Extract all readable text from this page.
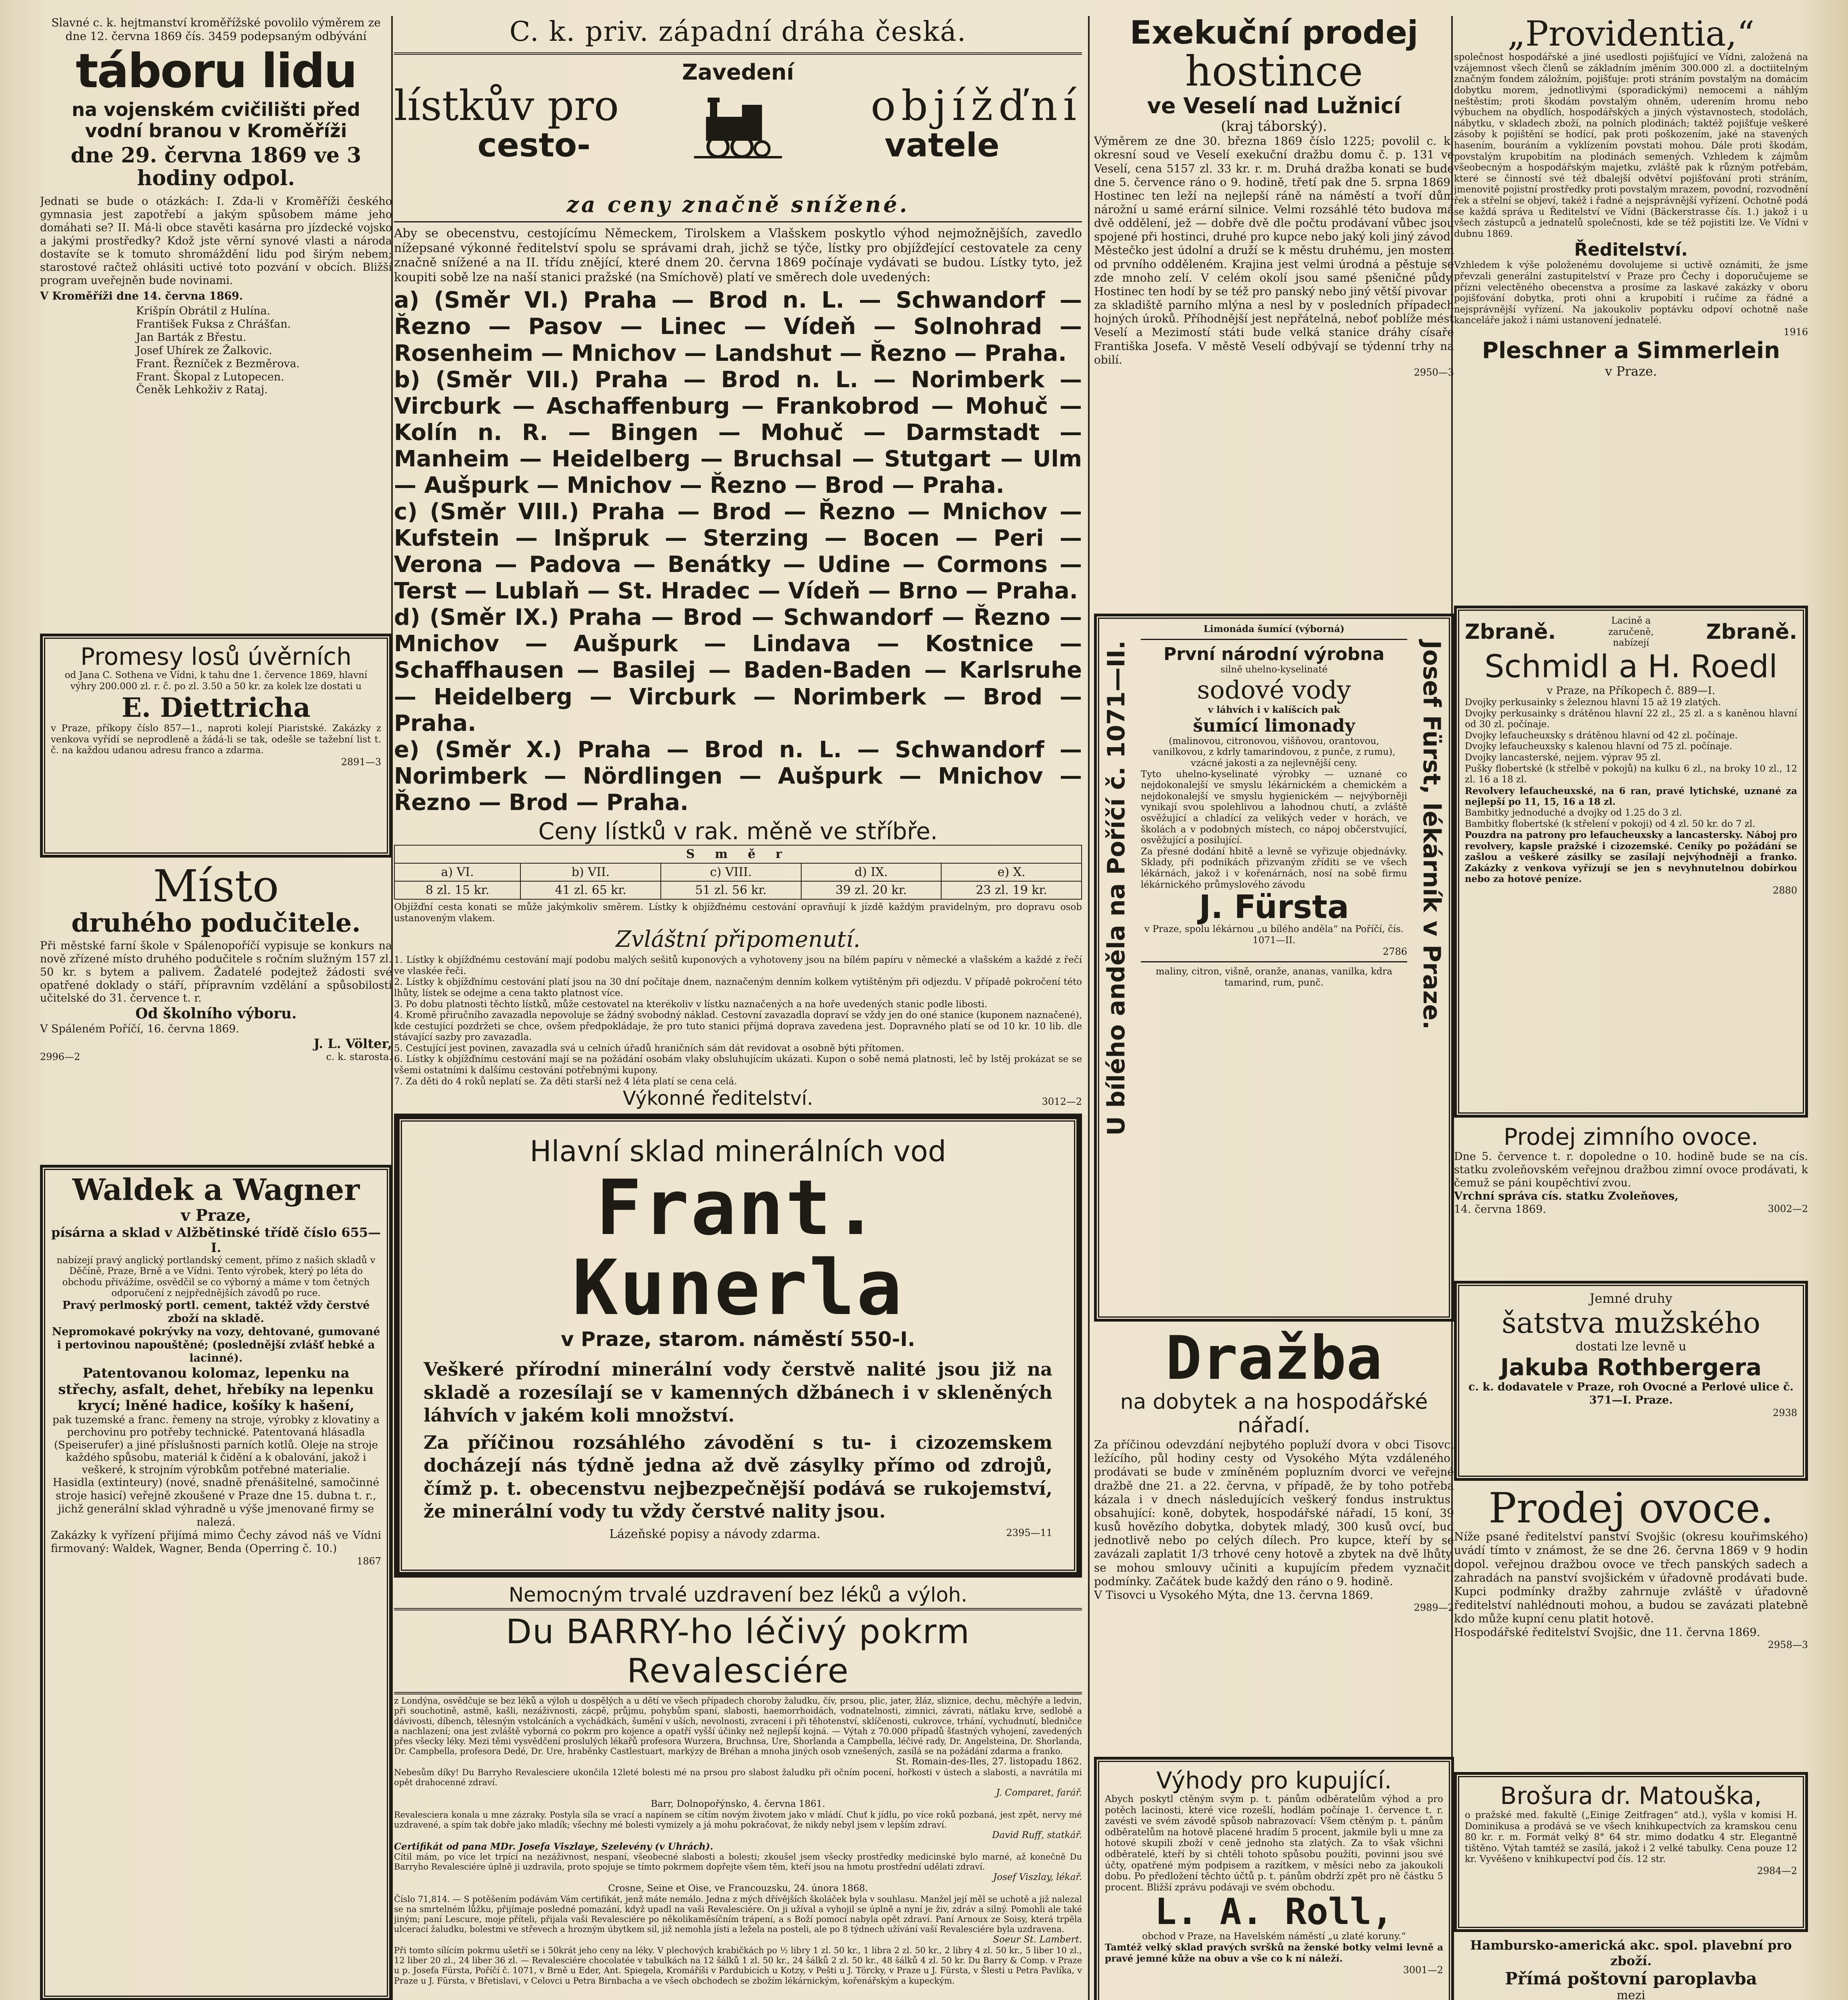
Slavné c. k. hejtmanství kroměřížské povolilo výměrem ze dne 12. června 1869 čís. 3459 podepsaným odbývání

táboru lidu

na vojenském cvičilišti před vodní branou v Kroměříži

dne 29. června 1869 ve 3 hodiny odpol.

Jednati se bude o otázkách: I. Zda-li v Kroměříži českého gymnasia jest zapotřebí a jakým spůsobem máme jeho domáhati se? II. Má-li obce stavěti kasárna pro jízdecké vojsko a jakými prostředky? Kdož jste věrní synové vlasti a národa dostavíte se k tomuto shromáždění lidu pod širým nebem; starostové račtež ohlásiti uctivé toto pozvání v obcích. Bližší program uveřejněn bude novinami.

V Kroměříži dne 14. června 1869.

Krišpín Obrátil z Hulína.

František Fuksa z Chrášťan.

Jan Barták z Břestu.

Josef Uhírek ze Žalkovic.

Frant. Řezníček z Bezměrova.

Frant. Škopal z Lutopecen.

Čeněk Lehkoživ z Rataj.

Promesy losů úvěrních

od Jana C. Sothena ve Vídni, k tahu dne 1. července 1869, hlavní výhry 200.000 zl. r. č. po zl. 3.50 a 50 kr. za kolek lze dostati u

E. Diettricha

v Praze, příkopy číslo 857—1., naproti kolejí Piaristské. Zakázky z venkova vyřídí se neprodleně a žádá-li se tak, odešle se tažební list t. č. na každou udanou adresu franco a zdarma.

2891—3

Místo

druhého podučitele.

Při městské farní škole v Spálenopoříčí vypisuje se konkurs na nově zřízené místo druhého podučitele s ročním služným 157 zl. 50 kr. s bytem a palivem. Žadatelé podejtež žádosti své opatřené doklady o stáří, přípravním vzdělání a spůsobilosti učitelské do 31. července t. r.

Od školního výboru.

V Spáleném Poříčí, 16. června 1869.

J. L. Völter,

2996—2	c. k. starosta.

Waldek a Wagner

v Praze,

písárna a sklad v Alžbětinské třídě číslo 655—I.

nabízejí pravý anglický portlandský cement, přímo z našich skladů v Děčíně, Praze, Brně a ve Vídni. Tento výrobek, který po léta do obchodu přivážíme, osvědčil se co výborný a máme v tom četných odporučení z nejpřednějších závodů po ruce.

Pravý perlmoský portl. cement, taktéž vždy čerstvé zboží na skladě.

Nepromokavé pokrývky na vozy, dehtované, gumované i pertovinou napouštěné; (poslednější zvlášť hebké a lacinné).

Patentovanou kolomaz, lepenku na střechy, asfalt, dehet, hřebíky na lepenku krycí; lněné hadice, košíky k hašení,

pak tuzemské a franc. řemeny na stroje, výrobky z klovatiny a perchovinu pro potřeby technické. Patentovaná hlásadla (Speiserufer) a jiné příslušnosti parních kotlů. Oleje na stroje každého spůsobu, materiál k čidění a k obalování, jakož i veškeré, k strojním výrobkům potřebné materialie.

Hasidla (extinteury) (nové, snadně přenášitelné, samočinné stroje hasicí) veřejně zkoušené v Praze dne 15. dubna t. r., jichž generální sklad výhradně u výše jmenované firmy se nalezá.

Zakázky k vyřízení přijímá mimo Čechy závod náš ve Vídni firmovaný: Waldek, Wagner, Benda (Operring č. 10.)

1867

C. k. priv. západní dráha česká.

Zavedení

lístkův pro

cesto-

objížďní

vatele

za ceny značně snížené.

Aby se obecenstvu, cestojícímu Německem, Tirolskem a Vlašskem poskytlo výhod nejmožnějších, zavedlo nížepsané výkonné ředitelství spolu se správami drah, jichž se týče, lístky pro objížďející cestovatele za ceny značně snížené a na II. třídu znějící, které dnem 20. června 1869 počínaje vydávati se budou. Lístky tyto, jež koupiti sobě lze na naší stanici pražské (na Smíchově) platí ve směrech dole uvedených:

a) (Směr VI.) Praha — Brod n. L. — Schwandorf — Řezno — Pasov — Linec — Vídeň — Solnohrad — Rosenheim — Mnichov — Landshut — Řezno — Praha.

b) (Směr VII.) Praha — Brod n. L. — Norimberk — Vircburk — Aschaffenburg — Frankobrod — Mohuč — Kolín n. R. — Bingen — Mohuč — Darmstadt — Manheim — Heidelberg — Bruchsal — Stutgart — Ulm — Aušpurk — Mnichov — Řezno — Brod — Praha.

c) (Směr VIII.) Praha — Brod — Řezno — Mnichov — Kufstein — Inšpruk — Sterzing — Bocen — Peri — Verona — Padova — Benátky — Udine — Cormons — Terst — Lublaň — St. Hradec — Vídeň — Brno — Praha.

d) (Směr IX.) Praha — Brod — Schwandorf — Řezno — Mnichov — Aušpurk — Lindava — Kostnice — Schaffhausen — Basilej — Baden-Baden — Karlsruhe — Heidelberg — Vircburk — Norimberk — Brod — Praha.

e) (Směr X.) Praha — Brod n. L. — Schwandorf — Norimberk — Nördlingen — Aušpurk — Mnichov — Řezno — Brod — Praha.

Ceny lístků v rak. měně ve stříbře.

S m ě r				
a) VI.	b) VII.	c) VIII.	d) IX.	e) X.
8 zl. 15 kr.	41 zl. 65 kr.	51 zl. 56 kr.	39 zl. 20 kr.	23 zl. 19 kr.

Objížďní cesta konati se může jakýmkoliv směrem. Lístky k objížďnému cestování opravňují k jízdě každým pravidelným, pro dopravu osob ustanoveným vlakem.

Zvláštní připomenutí.

1. Lístky k objížďnému cestování mají podobu malých sešitů kuponových a vyhotoveny jsou na bílém papíru v německé a vlašském a každé z řečí ve vlaskée řeči.

2. Lístky k objížďnímu cestování platí jsou na 30 dní počítaje dnem, naznačeným denním kolkem vytištěným při odjezdu. V případě pokročení této lhůty, lístek se odejme a cena takto platnost více.

3. Po dobu platnosti těchto lístků, může cestovatel na kterékoliv v lístku naznačených a na hoře uvedených stanic podle libosti.

4. Kromě přiručního zavazadla nepovoluje se žádný svobodný náklad. Cestovní zavazadla dopraví se vždy jen do oné stanice (kuponem naznačené), kde cestující pozdržeti se chce, ovšem předpokládaje, že pro tuto stanici příjmá doprava zavedena jest. Dopravného platí se od 10 kr. 10 lib. dle stávající sazby pro zavazadla.

5. Cestující jest povinen, zavazadla svá u celních úřadů hraničních sám dát revidovat a osobně býti přítomen.

6. Lístky k objížďnímu cestování mají se na požádání osobám vlaky obsluhujícím ukázati. Kupon o sobě nemá platnosti, leč by lstěj prokázat se se všemi ostatními k dalšímu cestování potřebnými kupony.

7. Za děti do 4 roků neplatí se. Za děti starší než 4 léta platí se cena celá.

Výkonné ředitelství.	3012—2

Hlavní sklad minerálních vod

Frant. Kunerla

v Praze, starom. náměstí 550-I.

Veškeré přírodní minerální vody čerstvě nalité jsou již na skladě a rozesílají se v kamenných džbánech i v skleněných láhvích v jakém koli množství.

Za příčinou rozsáhlého závodění s tu- i cizozemskem docházejí nás týdně jedna až dvě zásylky přímo od zdrojů, čímž p. t. obecenstvu nejbezpečnější podává se rukojemství, že minerální vody tu vždy čerstvé nality jsou.

Lázeňské popisy a návody zdarma.	2395—11

Nemocným trvalé uzdravení bez léků a výloh.

Du BARRY-ho léčivý pokrm Revalesciére

z Londýna, osvědčuje se bez léků a výloh u dospělých a u dětí ve všech případech choroby žaludku, čív, prsou, plic, jater, žláz, sliznice, dechu, měchýře a ledvin, při souchotině, astmě, kašli, nezáživnosti, zácpě, průjmu, pohybům spaní, slabosti, haemorrhoidách, vodnatelnosti, zimnici, závrati, nátlaku krve, sedlobě a dávivosti, díbench, tělesným vstolcáních a vychádkách, šumění v uších, nevolnosti, zvracení i při těhotenství, sklíčenosti, cukrovce, trhání, vychudnutí, bledničce a nachlazení; ona jest zvláště vyborná co pokrm pro kojence a opatří vyšší účinky než nejlepší kojná. — Výtah z 70.000 případů šťastných vyhojení, zavedených přes všecky léky. Mezi těmi vysvědčení proslulých lékařů profesora Wurzera, Bruchnsa, Ure, Shorlanda a Campbella, léčivé rady, Dr. Angelsteina, Dr. Shorlanda, Dr. Campbella, profesora Dedé, Dr. Ure, hraběnky Castlestuart, markýzy de Bréhan a mnoha jiných osob vznešených, zasílá se na požádání zdarma a franko.

St. Romain-des-Iles, 27. listopadu 1862.

Nebesům díky! Du Barryho Revalesciere ukončila 12leté bolesti mé na prsou pro slabost žaludku při očním pocení, hořkosti v ústech a slabosti, a navrátila mi opět drahocenné zdraví.

J. Comparet, farář.

Barr, Dolnopořýnsko, 4. června 1861.

Revalesciera konala u mne zázraky. Postyla síla se vrací a napínem se cítím novým životem jako v mládí. Chuť k jídlu, po více roků pozbaná, jest zpět, nervy mé uzdravené, a spím tak dobře jako mladík; všechny mé bolesti vymizely a já mohu pokračovat, že nikdy nebyl jsem v lepším zdraví.

David Ruff, statkář.

Certifikát od pana MDr. Josefa Viszlaye, Szelevény (v Uhrách).

Cítil mám, po více let trpící na nezáživnost, nespaní, všeobecné slabosti a bolesti; zkoušel jsem všecky prostředky medicinské bylo marné, až konečně Du Barryho Revalesciére úplně ji uzdravila, proto spojuje se tímto pokrmem dopřejte všem těm, kteří jsou na hmotu prostřední udělati zdraví.

Josef Viszlay, lékař.

Crosne, Seine et Oise, ve Francouzsku, 24. února 1868.

Číslo 71,814. — S potěšením podávám Vám certifikát, jenž máte nemálo. Jedna z mých dřívějších školáček byla v souhlasu. Manžel její měl se uchotě a již nalezal se na smrtelném lůžku, přijímaje posledné pomazání, když upadl na vaši Revalesciére. On ji užíval a vyhojil se úplně a nyní je živ, zdráv a silný. Pomohli ale také jiným; paní Lescure, moje příteli, přijala vaši Revalesciére po několikaměsíčním trápení, a s Boží pomocí nabyla opět zdraví. Paní Arnoux ze Soisy, která trpěla ulcerací žaludku, bolestmi ve střevech a hrozným úbytkem sil, již nemohla jísti a ležela na posteli, ale po 8 týdnech užívání vaší Revalesciére byla uzdravena.

Soeur St. Lambert.

Při tomto sílícím pokrmu ušetří se i 50krát jeho ceny na léky. V plechových krabičkách po ½ libry 1 zl. 50 kr., 1 libra 2 zl. 50 kr., 2 libry 4 zl. 50 kr., 5 liber 10 zl., 12 liber 20 zl., 24 liber 36 zl. — Revalesciére chocolatée v tabulkách na 12 šálků 1 zl. 50 kr., 24 šálků 2 zl. 50 kr., 48 šálků 4 zl. 50 kr. Du Barry & Comp. v Praze u p. Josefa Fürsta, Poříčí č. 1071, v Brně u Eder, Ant. Spiegela, Kromáříši v Pardubicích u Kotzy, v Pešti u J. Törcky, v Praze u J. Fürsta, v Šlesti u Petra Pavlíka, v Praze u J. Fürsta, v Břetislavi, v Celovci u Petra Birnbacha a ve všech obchodech se zbožím lékárnickým, kořenářským a kupeckým.

Exekuční prodej

hostince

ve Veselí nad Lužnicí

(kraj táborský).

Výměrem ze dne 30. března 1869 číslo 1225; povolil c. k. okresní soud ve Veselí exekuční dražbu domu č. p. 131 ve Veselí, cena 5157 zl. 33 kr. r. m. Druhá dražba konati se bude dne 5. července ráno o 9. hodině, třetí pak dne 5. srpna 1869. Hostinec ten leží na nejlepší ráně na náměstí a tvoří dům nárožní u samé erární silnice. Velmi rozsáhlé této budova má dvě oddělení, jež — dobře dvě dle počtu prodávaní vůbec jsou spojené při hostinci, druhé pro kupce nebo jaký koli jiný závod. Městečko jest údolní a druží se k městu druhému, jen mostem od prvního odděleném. Krajina jest velmi úrodná a pěstuje se zde mnoho zelí. V celém okolí jsou samé pšeničné půdy. Hostinec ten hodí by se též pro panský nebo jiný větší pivovar i za skladiště parního mlýna a nesl by v posledních případech hojných úroků. Příhodnější jest nepřátelná, neboť poblíže mést Veselí a Mezimostí státi bude velká stanice dráhy císaře Františka Josefa. V městě Veselí odbývají se týdenní trhy na obilí.

2950—3

U bílého anděla na Poříčí č. 1071—II.	Josef Fürst, lékárník v Praze.

Limonáda šumící (výborná)

První národní výrobna

silně uhelno-kyselinaté

sodové vody

v láhvích i v kalíšcích pak

šumící limonady

(malinovou, citronovou, višňovou, orantovou, vanilkovou, z kdrly tamarindovou, z punče, z rumu), vzácné jakosti a za nejlevnější ceny.

Tyto uhelno-kyselinaté výrobky — uznané co nejdokonalejší ve smyslu lékárnickém a chemickém a nejdokonalejší ve smyslu hygienickém — nejvýborněji vynikají svou spolehlivou a lahodnou chutí, a zvláště osvěžující a chladící za velikých veder v horách, ve školách a v podobných místech, co nápoj občerstvující, osvěžující a posilující.

Za přesné dodání hbitě a levně se vyřizuje objednávky. Sklady, při podnikách přizvaným zříditi se ve všech lékárnách, jakož i v kořenárnách, nosí na sobě firmu lékárnického průmyslového závodu

J. Fürsta

v Praze, spolu lékárnou „u bílého anděla“ na Poříčí, čís. 1071—II.

2786

maliny, citron, višně, oranže, ananas, vanilka, kdra tamarind, rum, punč.

Dražba

na dobytek a na hospodářské nářadí.

Za příčinou odevzdání nejbytého popluží dvora v obci Tisovci ležícího, půl hodiny cesty od Vysokého Mýta vzdáleného, prodávati se bude v zmíněném popluzním dvorci ve veřejné dražbě dne 21. a 22. června, v případě, že by toho potřeba kázala i v dnech následujících veškerý fondus instruktus, obsahující: koně, dobytek, hospodářské nářadí, 15 koní, 39 kusů hovězího dobytka, dobytek mladý, 300 kusů ovcí, buď jednotlivě nebo po celých dílech. Pro kupce, kteří by se zavázali zaplatit 1/3 trhové ceny hotově a zbytek na dvě lhůty, se mohou smlouvy učiniti a kupujícím předem vyznačiti podmínky. Začátek bude každý den ráno o 9. hodině.

V Tisovci u Vysokého Mýta, dne 13. června 1869.

2989—2

Výhody pro kupující.

Abych poskytl ctěným svým p. t. pánům odběratelům výhod a pro potěch lacinosti, které vice rozešlí, hodlám počínaje 1. července t. r. zavésti ve svém závodě spůsob nabrazovací: Všem ctěným p. t. pánům odběratelům na hotově placené hradím 5 procent, jakmile byli u mne za hotové skupili zboží v ceně jednoho sta zlatých. Za to však všichni odběratelé, kteří by si chtěli tohoto spůsobu použíti, povinni jsou své účty, opatřené mým podpisem a razítkem, v měsíci nebo za jakoukoli dobu. Po předložení těchto účtů p. t. pánům obdrží zpět pro ně částku 5 procent. Bližší zprávu podávaji ve svém obchodu.

L. A. Roll,

obchod v Praze, na Havelském náměstí „u zlaté koruny.“

Tamtéž velký sklad pravých svršků na ženské botky velmi levně a pravé jemné kůže na obuv a vše co k ní náleží.

3001—2

„Providentia,“

společnost hospodářské a jiné usedlosti pojišťující ve Vídni, založená na vzájemnost všech členů se základním jměním 300.000 zl. a doctiitelným značným fondem záložním, pojišťuje: proti stráním povstalým na domácím dobytku morem, jednotlivými (sporadickými) nemocemi a náhlým neštěstím; proti škodám povstalým ohněm, uderením hromu nebo výbuchem na obydlích, hospodářských a jiných výstavnostech, stodolách, nábytku, v skladech zboží, na polních plodinách; taktéž pojišťuje veškeré zásoby k pojištění se hodící, pak proti poškozením, jaké na stavených hasením, bouráním a vyklízením povstati mohou. Dále proti škodám, povstalým krupobitím na plodinách semených. Vzhledem k zájmům všeobecným a hospodářským majetku, zvláště pak k různým potřebám, které se činností své též dbalejší odvětví pojišťování proti stráním, jmenovitě pojistní prostředky proti povstalým mrazem, povodní, rozvodnění řek a střelní se objeví, takéž i řadné a nejsprávnější vyřízení. Ochotně podá se každá správa u Ředitelství ve Vídni (Bäckerstrasse čís. 1.) jakož i u všech zástupců a jednatelů společnosti, kde se též pojistiti lze. Ve Vídni v dubnu 1869.

Ředitelství.

Vzhledem k výše položenému dovolujeme si uctivě oznámiti, že jsme převzali generální zastupitelství v Praze pro Čechy i doporučujeme se přízni velectěného obecenstva a prosíme za laskavé zakázky v oboru pojišťování dobytka, proti ohni a krupobití i ručíme za řádné a nejsprávnější vyřízení. Na jakoukoliv poptávku odpoví ochotně naše kanceláře jakož i námi ustanovení jednatelé.

1916

Pleschner a Simmerlein

v Praze.

Zbraně.	Lacině a zaručeně, nabízejí	Zbraně.

Schmidl a H. Roedl

v Praze, na Příkopech č. 889—I.

Dvojky perkusainky s železnou hlavní 15 až 19 zlatých.

Dvojky perkusainky s drátěnou hlavní 22 zl., 25 zl. a s kaněnou hlavní od 30 zl. počínaje.

Dvojky lefaucheuxsky s drátěnou hlavní od 42 zl. počínaje.

Dvojky lefaucheuxsky s kalenou hlavní od 75 zl. počínaje.

Dvojky lancasterské, nejjem. výprav 95 zl.

Pušky flobertské (k střelbě v pokojů) na kulku 6 zl., na broky 10 zl., 12 zl. 16 a 18 zl.

Revolvery lefaucheuxské, na 6 ran, pravé lytichské, uznané za nejlepší po 11, 15, 16 a 18 zl.

Bambitky jednoduché a dvojky od 1.25 do 3 zl.

Bambitky flobertské (k střelení v pokoji) od 4 zl. 50 kr. do 7 zl.

Pouzdra na patrony pro lefaucheuxsky a lancastersky. Náboj pro revolvery, kapsle pražské i cizozemské. Ceníky po požádání se zašlou a veškeré zásilky se zasílají nejvýhodněji a franko. Zakázky z venkova vyřízují se jen s nevyhnutelnou dobírkou nebo za hotové peníze.

2880

Prodej zimního ovoce.

Dne 5. července t. r. dopoledne o 10. hodině bude se na cís. statku zvoleňovském veřejnou dražbou zimní ovoce prodávati, k čemuž se páni koupěchtiví zvou.

Vrchní správa cís. statku Zvoleňoves,

14. června 1869.	3002—2

Jemné druhy

šatstva mužského

dostati lze levně u

Jakuba Rothbergera

c. k. dodavatele v Praze, roh Ovocné a Perlové ulice č. 371—I. Praze.

2938

Prodej ovoce.

Níže psané ředitelství panství Svojšic (okresu kouřimského) uvádí tímto v známost, že se dne 26. června 1869 v 9 hodin dopol. veřejnou dražbou ovoce ve třech panských sadech a zahradách na panství svojšickém v úřadovně prodávati bude. Kupci podmínky dražby zahrnuje zvláště v úřadovně ředitelství nahlédnouti mohou, a budou se zavázati platebně kdo může kupní cenu platit hotově.

Hospodářské ředitelství Svojšic, dne 11. června 1869.

2958—3

Brošura dr. Matouška,

o pražské med. fakultě („Einige Zeitfragen“ atd.), vyšla v komisi H. Dominikusa a prodává se ve všech knihkupectvích za kramskou cenu 80 kr. r. m. Formát velký 8° 64 str. mimo dodatku 4 str. Elegantně tištěno. Výtah tamtéž se zasílá, jakož i 2 velké tabulky. Cena pouze 12 kr. Vyvěšeno v knihkupectví pod čís. 12 str.

2984—2

Hambursko-americká akc. spol. plavební pro zboží.

Přímá poštovní paroplavba

mezi
